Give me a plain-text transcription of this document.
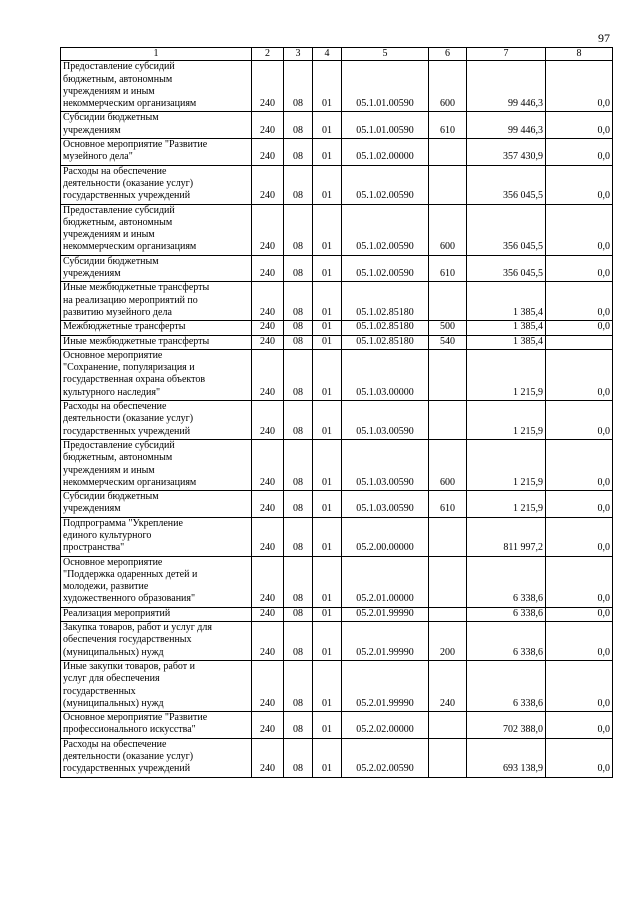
97
1	2	3	4	5	6	7	8
Предоставление субсидий
бюджетным, автономным
учреждениям и иным
некоммерческим организациям	240	08	01	05.1.01.00590	600	99 446,3	0,0
Субсидии бюджетным
учреждениям	240	08	01	05.1.01.00590	610	99 446,3	0,0
Основное мероприятие "Развитие
музейного дела"	240	08	01	05.1.02.00000		357 430,9	0,0
Расходы на обеспечение
деятельности (оказание услуг)
государственных учреждений	240	08	01	05.1.02.00590		356 045,5	0,0
Предоставление субсидий
бюджетным, автономным
учреждениям и иным
некоммерческим организациям	240	08	01	05.1.02.00590	600	356 045,5	0,0
Субсидии бюджетным
учреждениям	240	08	01	05.1.02.00590	610	356 045,5	0,0
Иные межбюджетные трансферты
на реализацию мероприятий по
развитию музейного дела	240	08	01	05.1.02.85180		1 385,4	0,0
Межбюджетные трансферты	240	08	01	05.1.02.85180	500	1 385,4	0,0
Иные межбюджетные трансферты	240	08	01	05.1.02.85180	540	1 385,4	
Основное мероприятие
"Сохранение, популяризация и
государственная охрана объектов
культурного наследия"	240	08	01	05.1.03.00000		1 215,9	0,0
Расходы на обеспечение
деятельности (оказание услуг)
государственных учреждений	240	08	01	05.1.03.00590		1 215,9	0,0
Предоставление субсидий
бюджетным, автономным
учреждениям и иным
некоммерческим организациям	240	08	01	05.1.03.00590	600	1 215,9	0,0
Субсидии бюджетным
учреждениям	240	08	01	05.1.03.00590	610	1 215,9	0,0
Подпрограмма "Укрепление
единого культурного
пространства"	240	08	01	05.2.00.00000		811 997,2	0,0
Основное мероприятие
"Поддержка одаренных детей и
молодежи, развитие
художественного образования"	240	08	01	05.2.01.00000		6 338,6	0,0
Реализация мероприятий	240	08	01	05.2.01.99990		6 338,6	0,0
Закупка товаров, работ и услуг для
обеспечения государственных
(муниципальных) нужд	240	08	01	05.2.01.99990	200	6 338,6	0,0
Иные закупки товаров, работ и
услуг для обеспечения
государственных
(муниципальных) нужд	240	08	01	05.2.01.99990	240	6 338,6	0,0
Основное мероприятие "Развитие
профессионального искусства"	240	08	01	05.2.02.00000		702 388,0	0,0
Расходы на обеспечение
деятельности (оказание услуг)
государственных учреждений	240	08	01	05.2.02.00590		693 138,9	0,0
